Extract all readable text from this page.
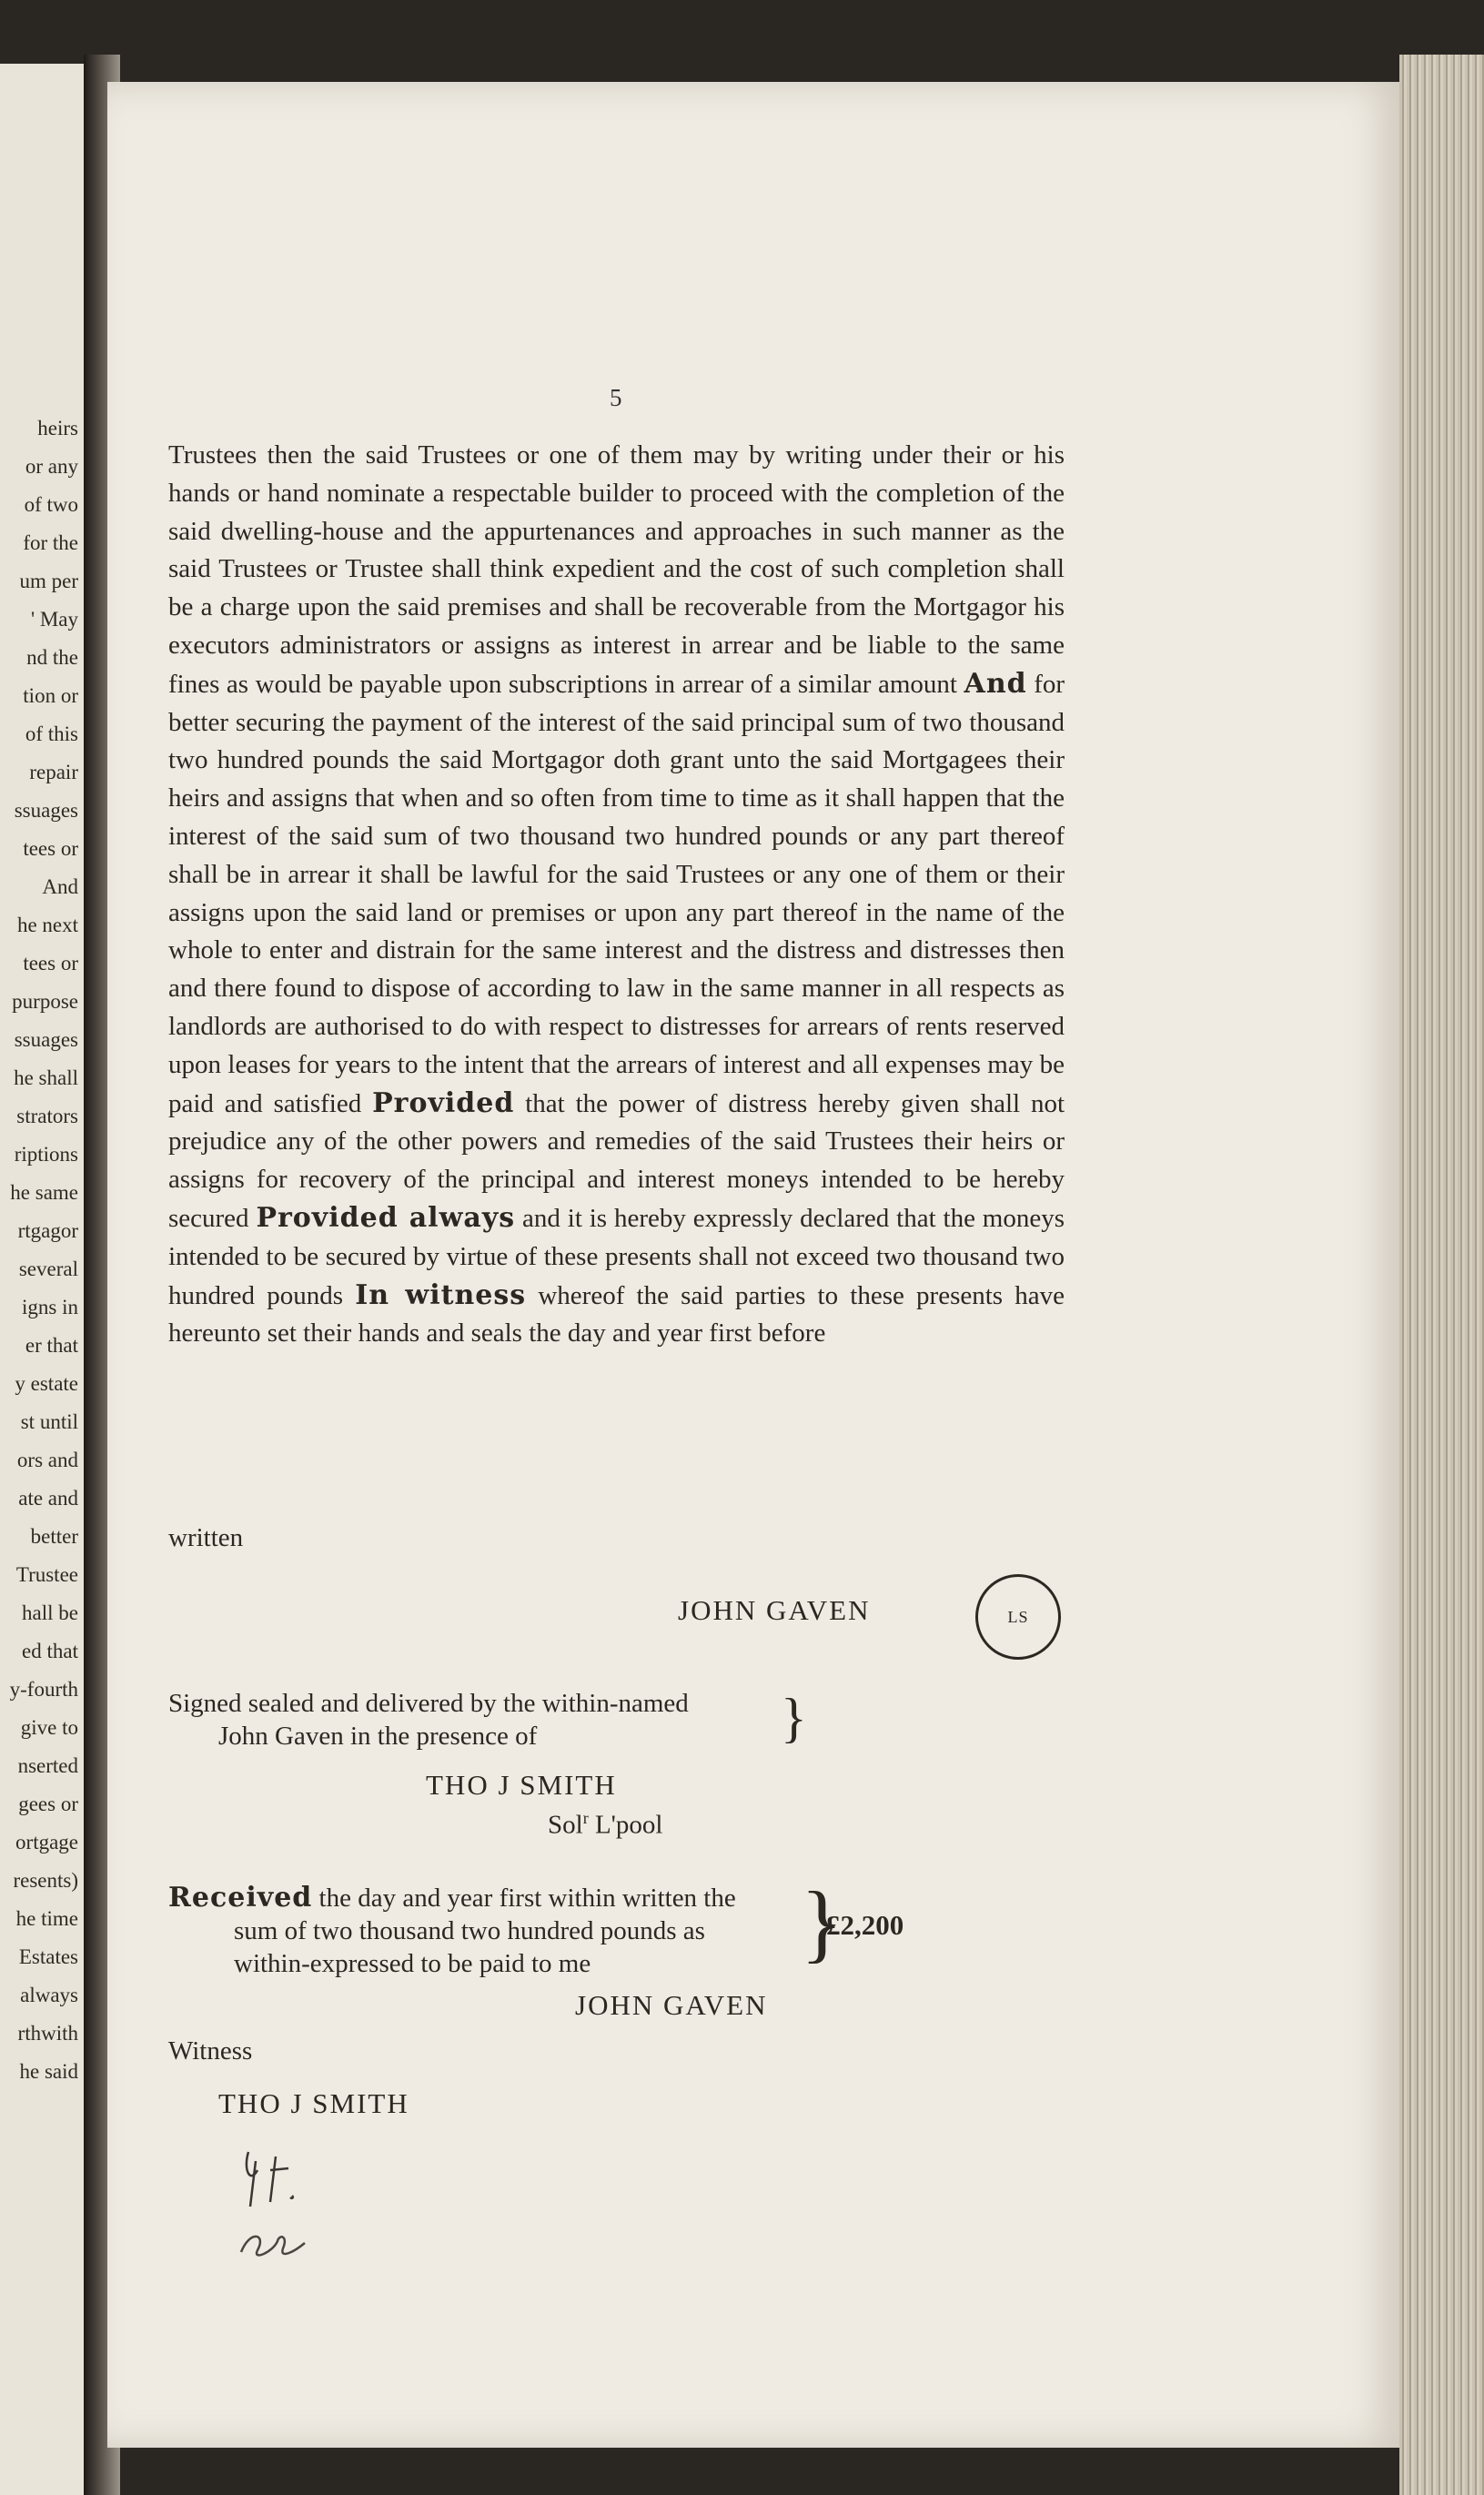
heirs
or any
of two
for the
um per
' May
nd the
tion or
of this
repair
ssuages
tees or
And
he next
tees or
purpose
ssuages
he shall
strators
riptions
he same
rtgagor
several
igns in
er that
y estate
st until
ors and
ate and
better
Trustee
hall be
ed that
y-fourth
give to
nserted
gees or
ortgage
resents)
he time
Estates
always
rthwith
he said
5
Trustees then the said Trustees or one of them may by writing under their or his hands or hand nominate a respectable builder to proceed with the completion of the said dwelling-house and the appurtenances and approaches in such manner as the said Trustees or Trustee shall think expedient and the cost of such completion shall be a charge upon the said premises and shall be recoverable from the Mortgagor his executors administrators or assigns as interest in arrear and be liable to the same fines as would be payable upon subscriptions in arrear of a similar amount And for better securing the payment of the interest of the said principal sum of two thousand two hundred pounds the said Mortgagor doth grant unto the said Mortgagees their heirs and assigns that when and so often from time to time as it shall happen that the interest of the said sum of two thousand two hundred pounds or any part thereof shall be in arrear it shall be lawful for the said Trustees or any one of them or their assigns upon the said land or premises or upon any part thereof in the name of the whole to enter and distrain for the same interest and the distress and distresses then and there found to dispose of according to law in the same manner in all respects as landlords are authorised to do with respect to distresses for arrears of rents reserved upon leases for years to the intent that the arrears of interest and all expenses may be paid and satisfied Provided that the power of distress hereby given shall not prejudice any of the other powers and remedies of the said Trustees their heirs or assigns for recovery of the principal and interest moneys intended to be hereby secured Provided always and it is hereby expressly declared that the moneys intended to be secured by virtue of these presents shall not exceed two thousand two hundred pounds In witness whereof the said parties to these presents have hereunto set their hands and seals the day and year first before
written
JOHN GAVEN	LS
Signed sealed and delivered by the within-named
John Gaven in the presence of	}
THO J SMITH
Sol$^r$ L'pool
Received the day and year first within written the
sum of two thousand two hundred pounds as
within-expressed to be paid to me	}
£2,200
JOHN GAVEN
Witness
THO J SMITH
